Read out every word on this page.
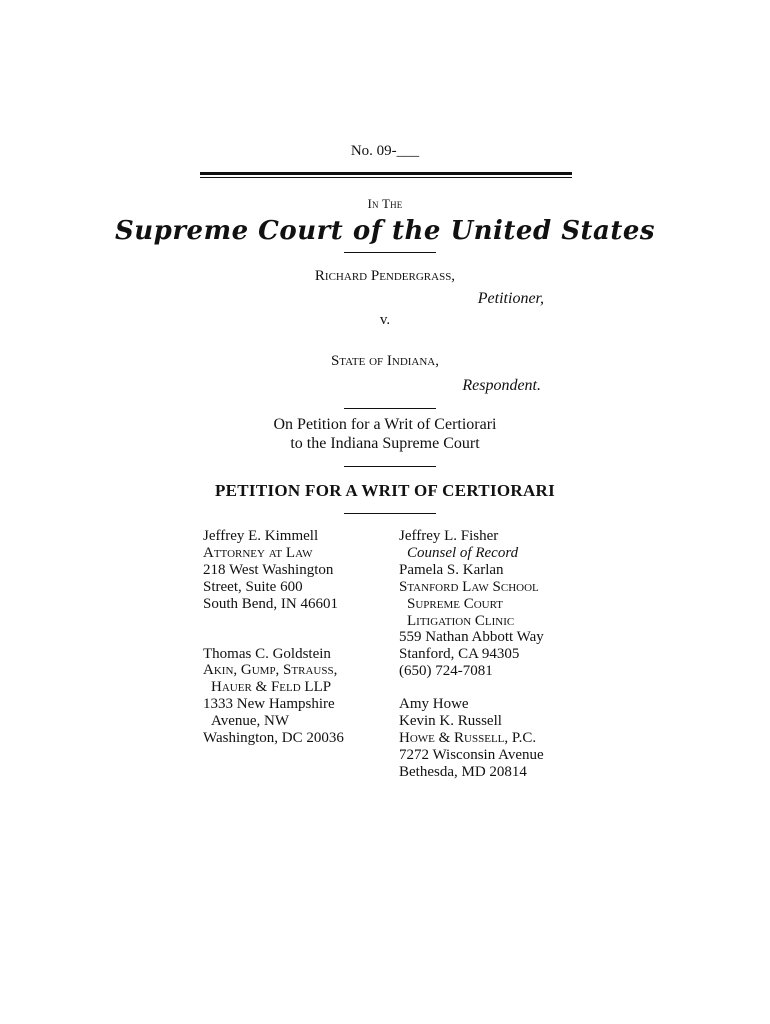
No. 09-___
In The
Supreme Court of the United States
Richard Pendergrass,
Petitioner,
v.
State of Indiana,
Respondent.
On Petition for a Writ of Certiorari
to the Indiana Supreme Court
PETITION FOR A WRIT OF CERTIORARI
Jeffrey E. Kimmell
Attorney at Law
218 West Washington
Street, Suite 600
South Bend, IN 46601
Thomas C. Goldstein
Akin, Gump, Strauss,
Hauer & Feld LLP
1333 New Hampshire
Avenue, NW
Washington, DC 20036
Jeffrey L. Fisher
Counsel of Record
Pamela S. Karlan
Stanford Law School
Supreme Court
Litigation Clinic
559 Nathan Abbott Way
Stanford, CA 94305
(650) 724-7081
Amy Howe
Kevin K. Russell
Howe & Russell, P.C.
7272 Wisconsin Avenue
Bethesda, MD 20814
